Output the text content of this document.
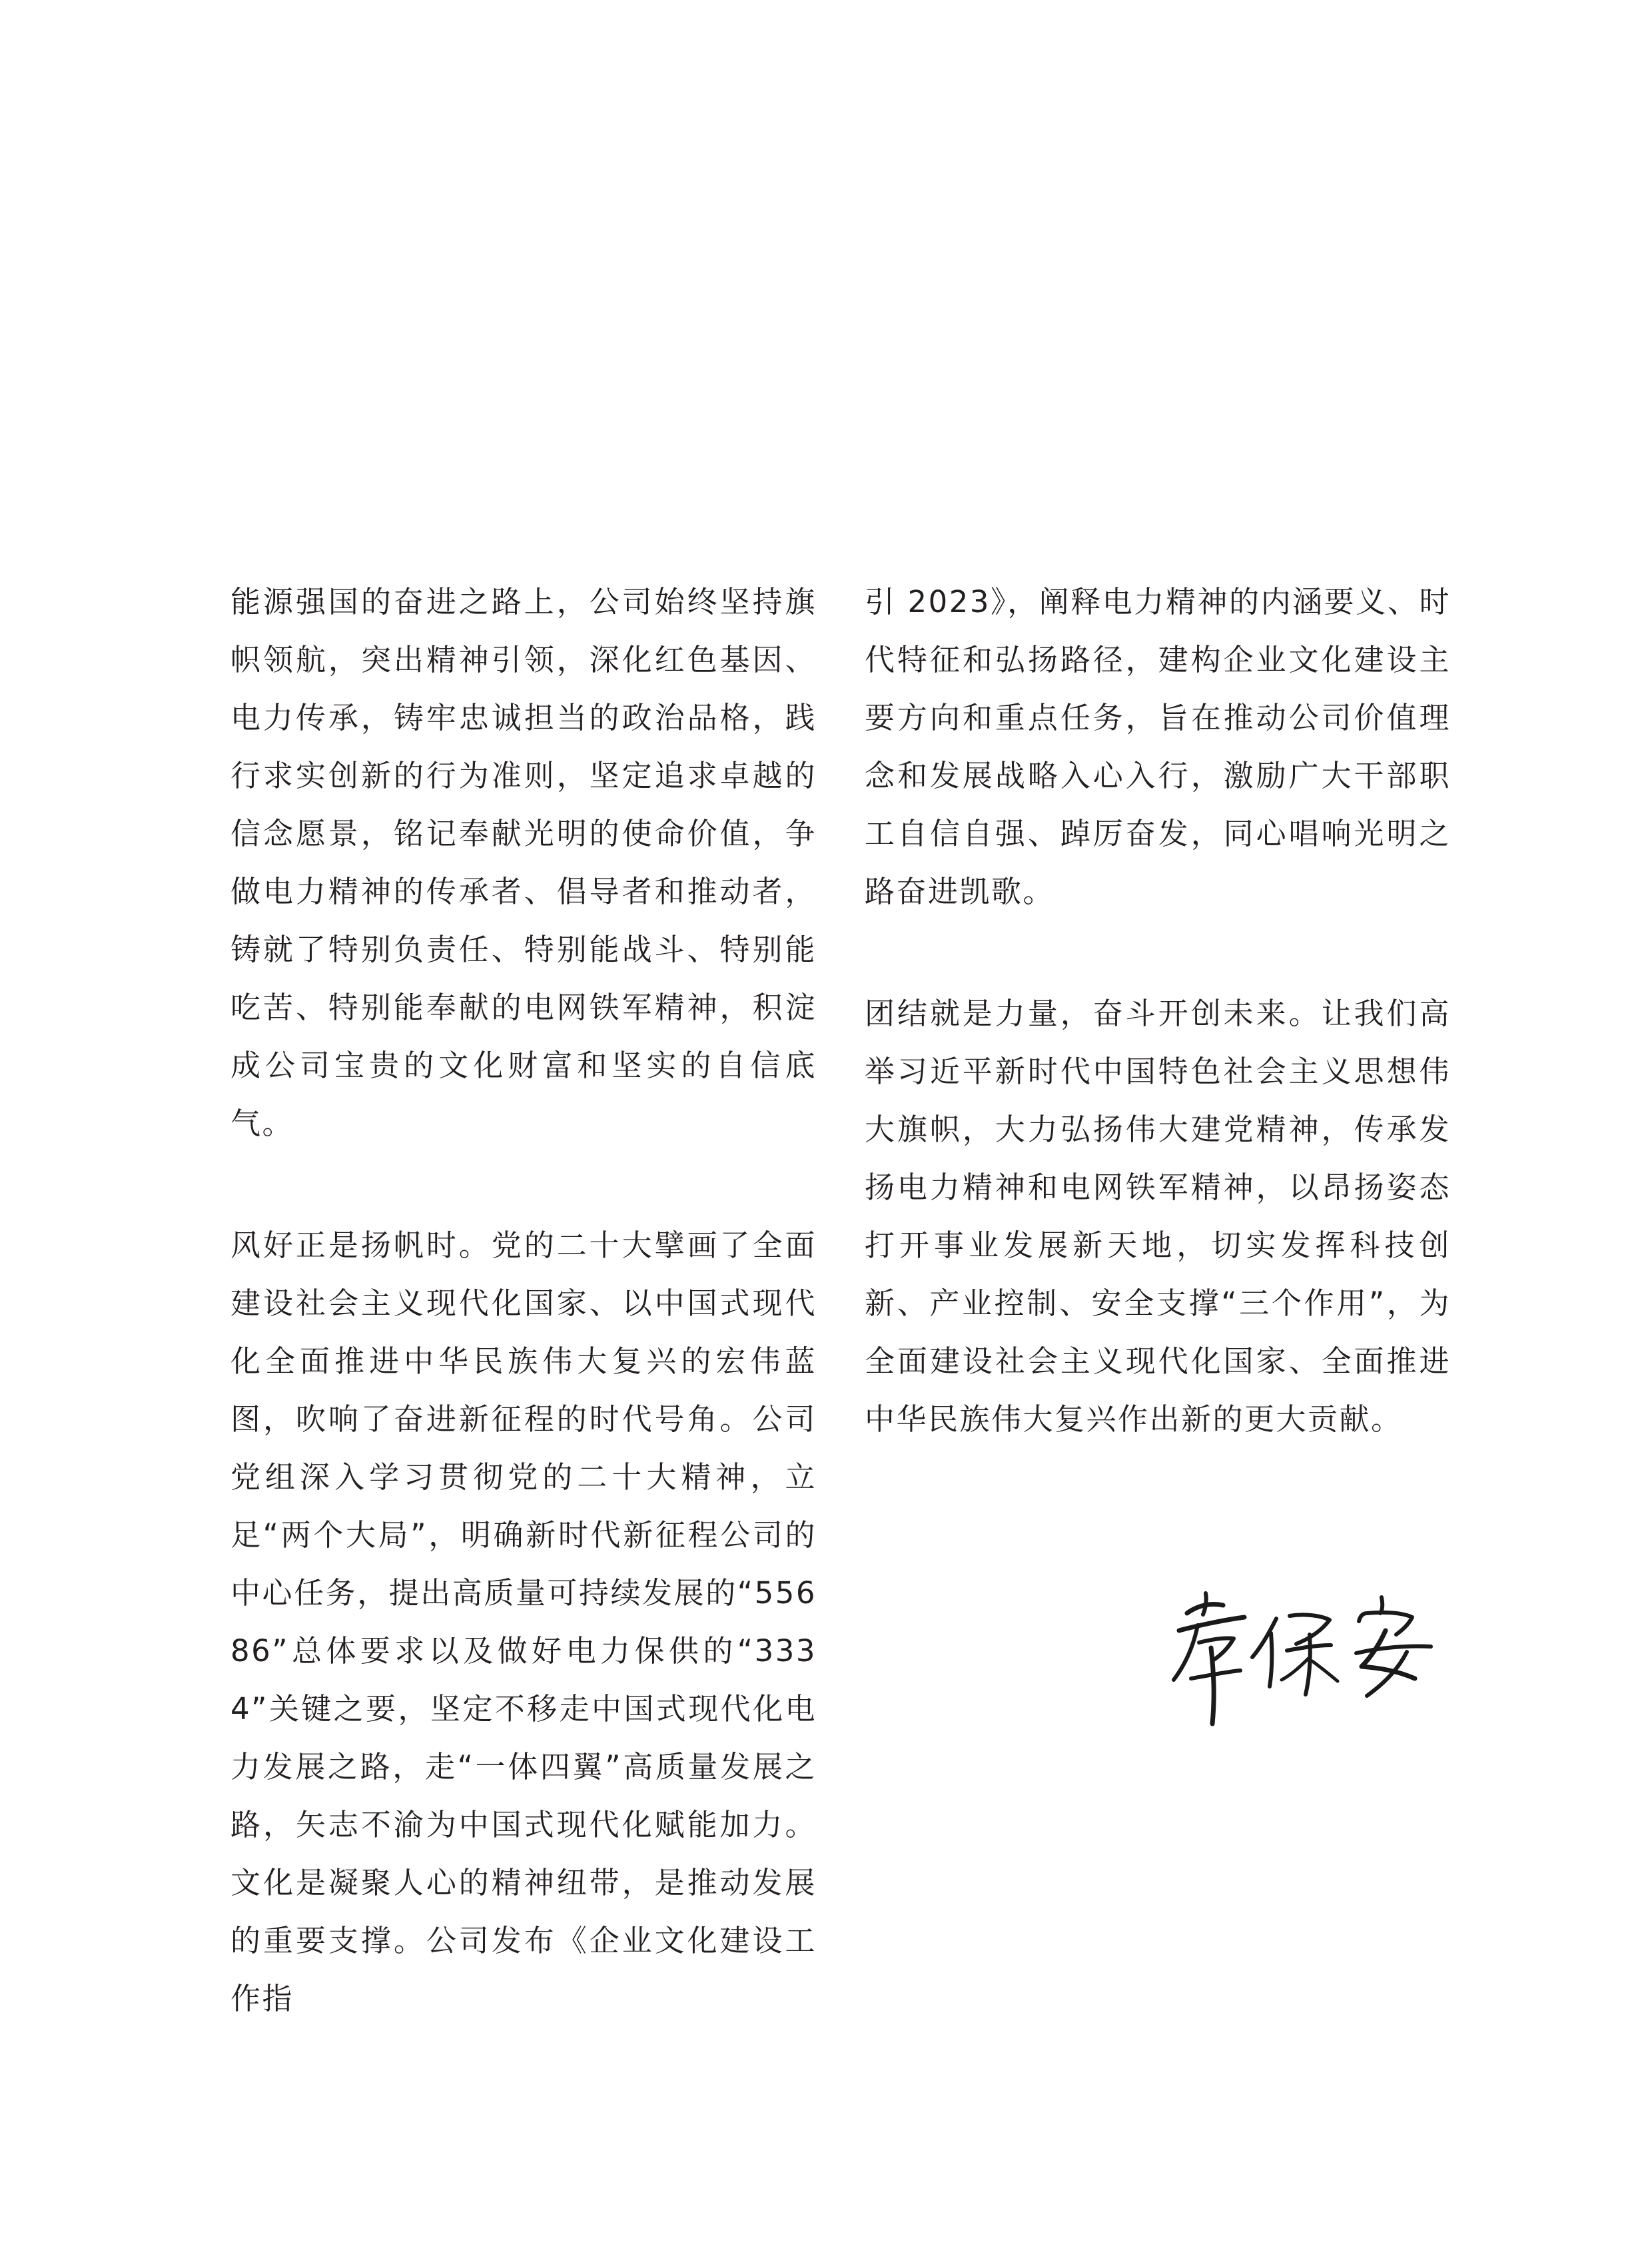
能源强国的奋进之路上，公司始终坚持旗帜领航，突出精神引领，深化红色基因、电力传承，铸牢忠诚担当的政治品格，践行求实创新的行为准则，坚定追求卓越的信念愿景，铭记奉献光明的使命价值，争做电力精神的传承者、倡导者和推动者，铸就了特别负责任、特别能战斗、特别能吃苦、特别能奉献的电网铁军精神，积淀成公司宝贵的文化财富和坚实的自信底气。

风好正是扬帆时。党的二十大擘画了全面建设社会主义现代化国家、以中国式现代化全面推进中华民族伟大复兴的宏伟蓝图，吹响了奋进新征程的时代号角。公司党组深入学习贯彻党的二十大精神，立足“两个大局”，明确新时代新征程公司的中心任务，提出高质量可持续发展的“55686”总体要求以及做好电力保供的“3334”关键之要，坚定不移走中国式现代化电力发展之路，走“一体四翼”高质量发展之路，矢志不渝为中国式现代化赋能加力。文化是凝聚人心的精神纽带，是推动发展的重要支撑。公司发布《企业文化建设工作指

引 2023》，阐释电力精神的内涵要义、时代特征和弘扬路径，建构企业文化建设主要方向和重点任务，旨在推动公司价值理念和发展战略入心入行，激励广大干部职工自信自强、踔厉奋发，同心唱响光明之路奋进凯歌。

团结就是力量，奋斗开创未来。让我们高举习近平新时代中国特色社会主义思想伟大旗帜，大力弘扬伟大建党精神，传承发扬电力精神和电网铁军精神，以昂扬姿态打开事业发展新天地，切实发挥科技创新、产业控制、安全支撑“三个作用”，为全面建设社会主义现代化国家、全面推进中华民族伟大复兴作出新的更大贡献。
